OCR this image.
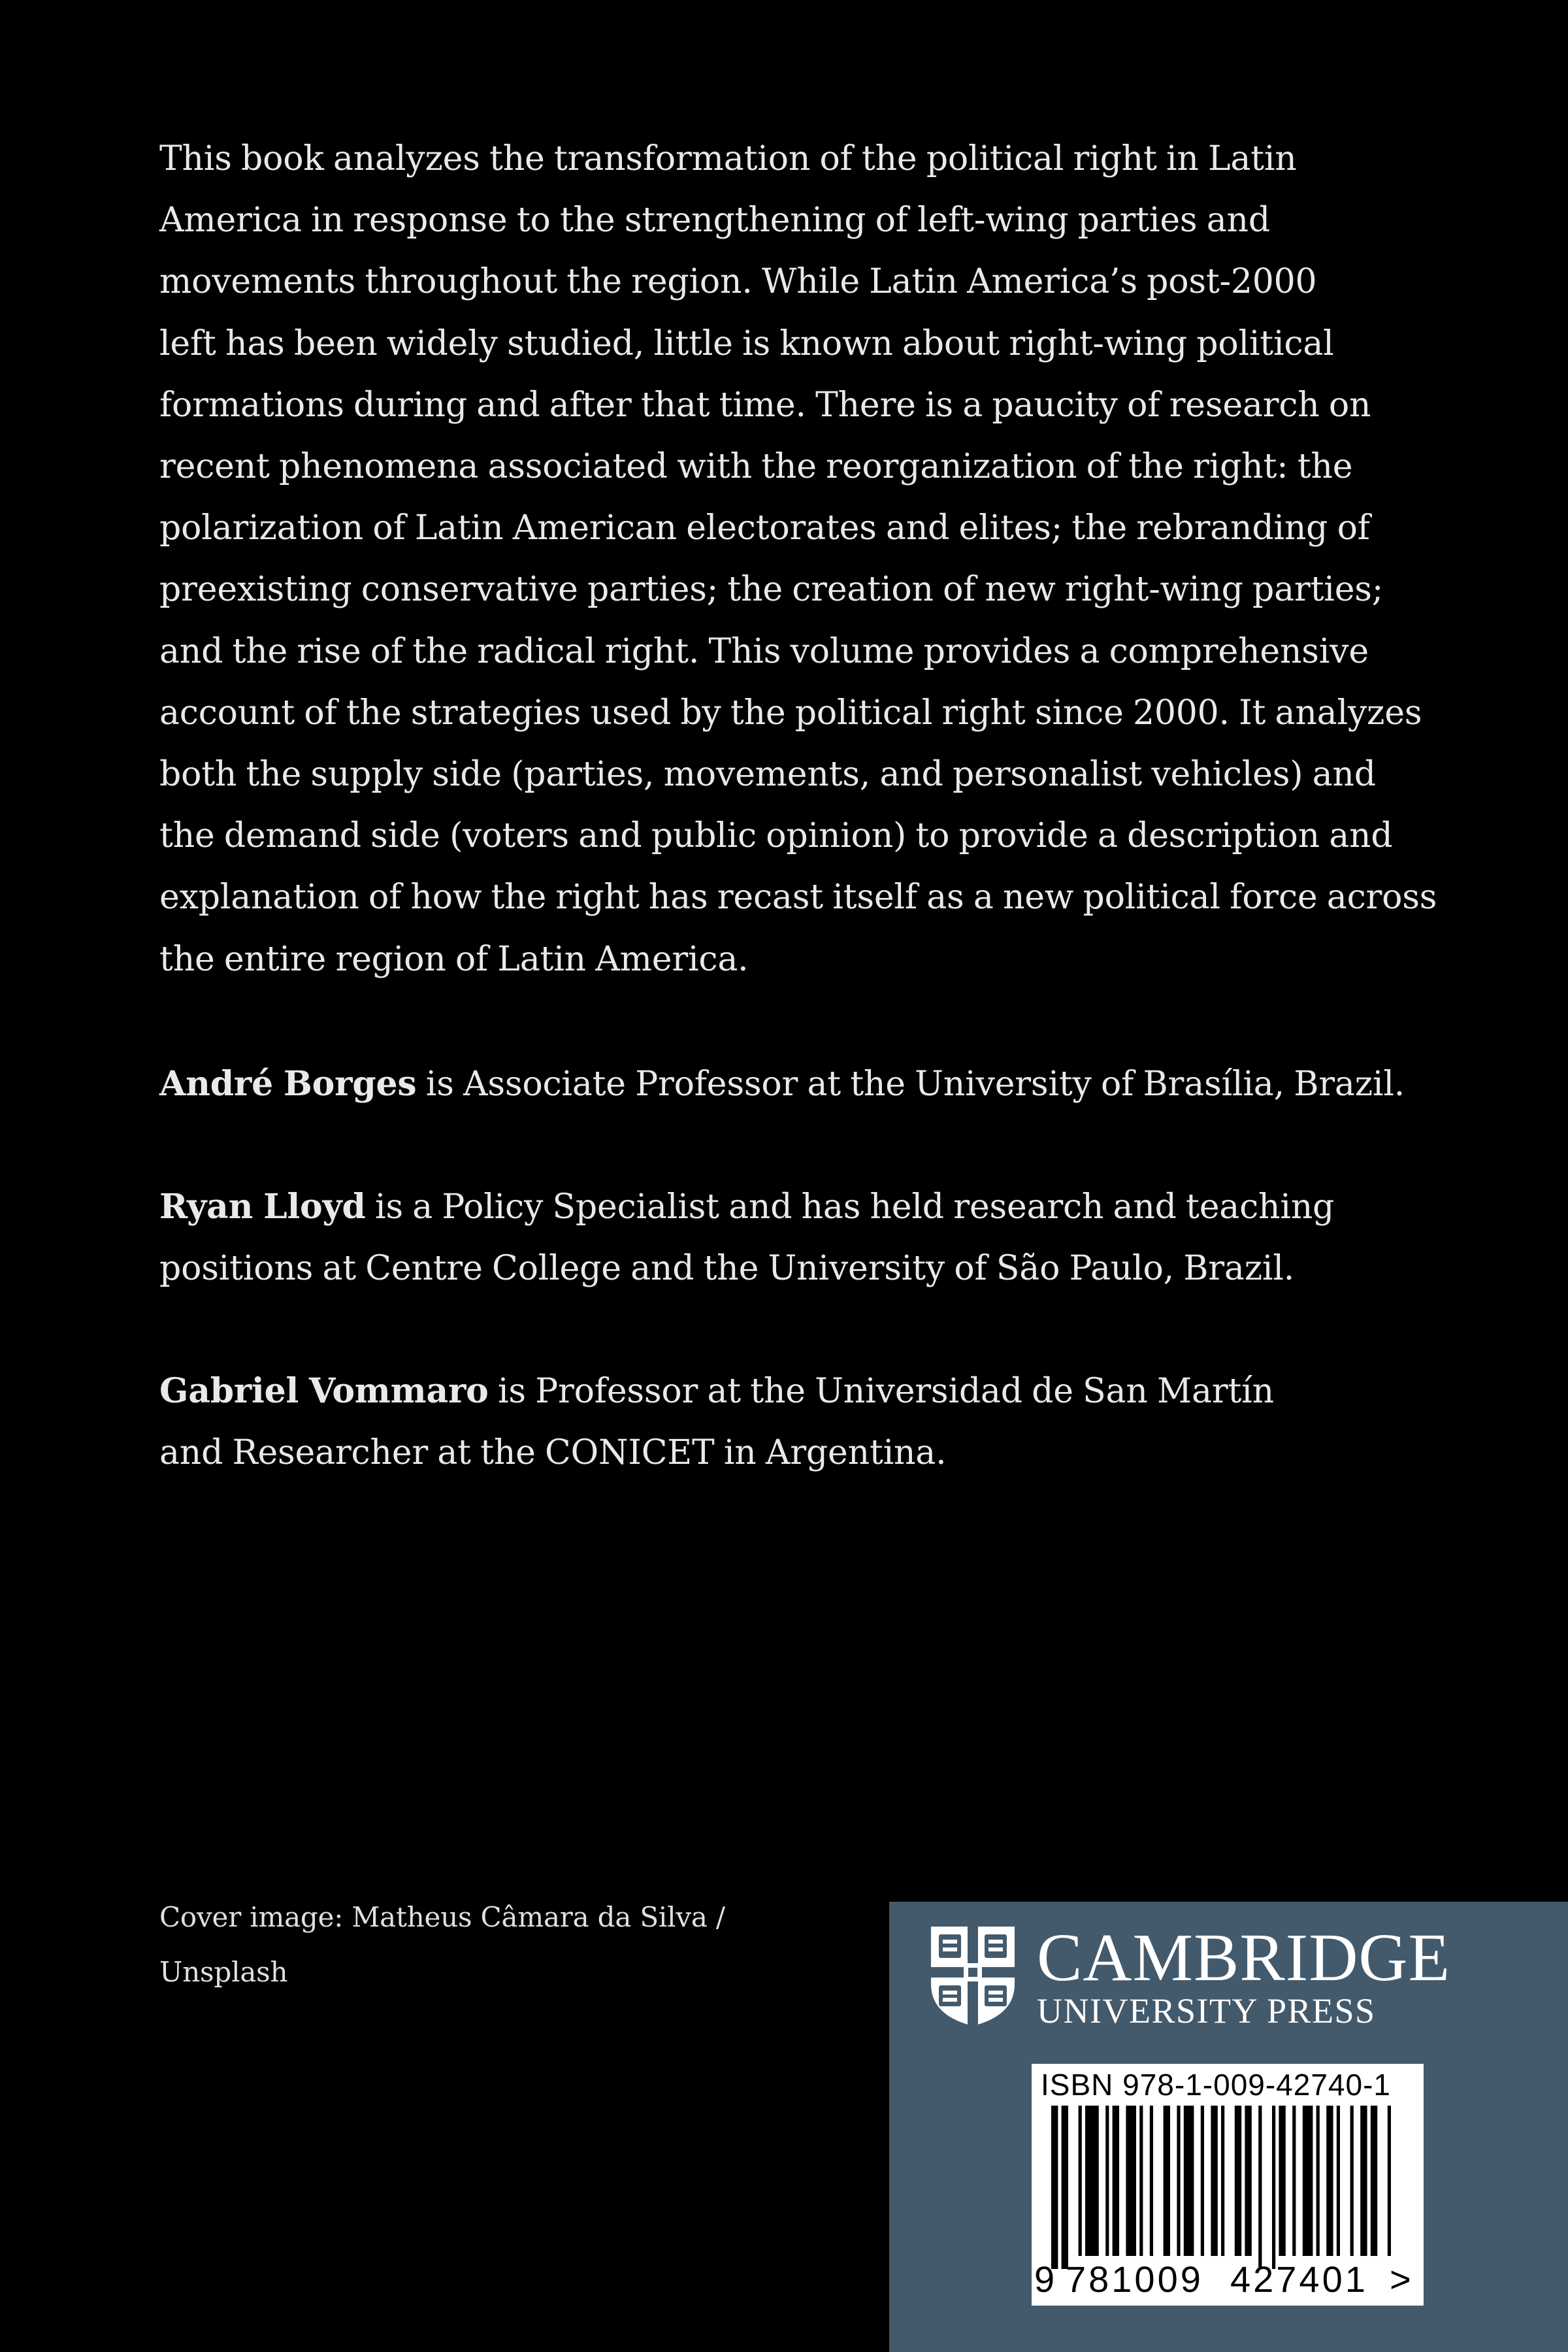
This book analyzes the transformation of the political right in Latin
America in response to the strengthening of left-wing parties and
movements throughout the region. While Latin America’s post-2000
left has been widely studied, little is known about right-wing political
formations during and after that time. There is a paucity of research on
recent phenomena associated with the reorganization of the right: the
polarization of Latin American electorates and elites; the rebranding of
preexisting conservative parties; the creation of new right-wing parties;
and the rise of the radical right. This volume provides a comprehensive
account of the strategies used by the political right since 2000. It analyzes
both the supply side (parties, movements, and personalist vehicles) and
the demand side (voters and public opinion) to provide a description and
explanation of how the right has recast itself as a new political force across
the entire region of Latin America.
André Borges is Associate Professor at the University of Brasília, Brazil.
Ryan Lloyd is a Policy Specialist and has held research and teaching
positions at Centre College and the University of São Paulo, Brazil.
Gabriel Vommaro is Professor at the Universidad de San Martín
and Researcher at the CONICET in Argentina.
Cover image: Matheus Câmara da Silva /
Unsplash	CAMBRIDGE
UNIVERSITY PRESS
ISBN 978-1-009-42740-1
9 781009 427401 >
